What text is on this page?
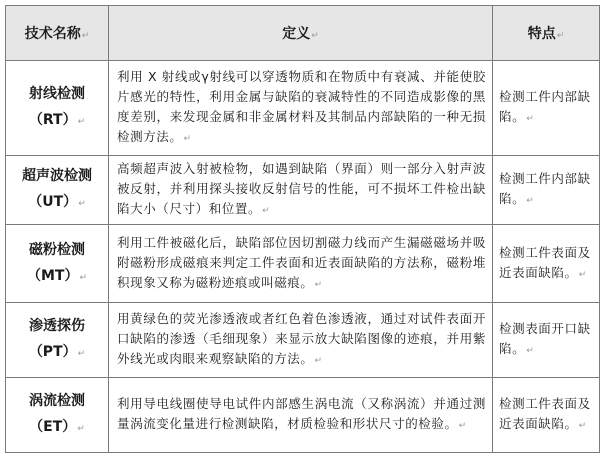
技术名称↵	定义↵	特点↵
射线检测（RT）↵	利用 X 射线或γ射线可以穿透物质和在物质中有衰减、并能使胶片感光的特性，利用金属与缺陷的衰减特性的不同造成影像的黑度差别，来发现金属和非金属材料及其制品内部缺陷的一种无损检测方法。↵	检测工件内部缺陷。↵
超声波检测（UT）↵	高频超声波入射被检物，如遇到缺陷（界面）则一部分入射声波被反射，并利用探头接收反射信号的性能，可不损坏工件检出缺陷大小（尺寸）和位置。↵	检测工件内部缺陷。↵
磁粉检测（MT）↵	利用工件被磁化后，缺陷部位因切割磁力线而产生漏磁磁场并吸附磁粉形成磁痕来判定工件表面和近表面缺陷的方法称，磁粉堆积现象又称为磁粉迹痕或叫磁痕。↵	检测工件表面及近表面缺陷。↵
渗透探伤（PT）↵	用黄绿色的荧光渗透液或者红色着色渗透液，通过对试件表面开口缺陷的渗透（毛细现象）来显示放大缺陷图像的迹痕，并用紫外线光或肉眼来观察缺陷的方法。↵	检测表面开口缺陷。↵
涡流检测（ET）↵	利用导电线圈使导电试件内部感生涡电流（又称涡流）并通过测量涡流变化量进行检测缺陷，材质检验和形状尺寸的检验。↵	检测工件表面及近表面缺陷。↵
